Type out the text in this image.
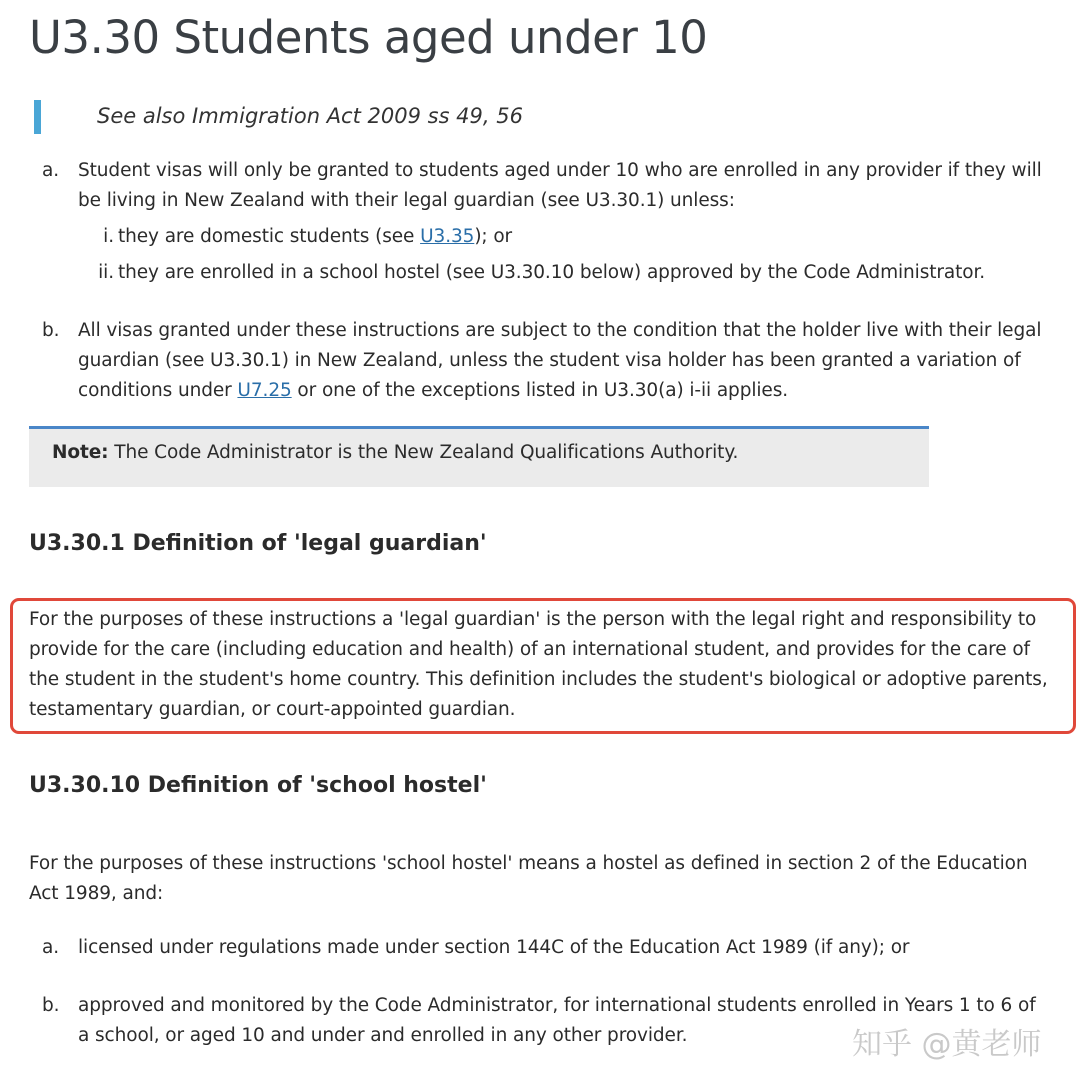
U3.30 Students aged under 10
See also Immigration Act 2009 ss 49, 56
a.	Student visas will only be granted to students aged under 10 who are enrolled in any provider if they will
be living in New Zealand with their legal guardian (see U3.30.1) unless:
i. they are domestic students (see U3.35); or
ii. they are enrolled in a school hostel (see U3.30.10 below) approved by the Code Administrator.
b.	All visas granted under these instructions are subject to the condition that the holder live with their legal
guardian (see U3.30.1) in New Zealand, unless the student visa holder has been granted a variation of
conditions under U7.25 or one of the exceptions listed in U3.30(a) i-ii applies.
Note: The Code Administrator is the New Zealand Qualifications Authority.
U3.30.1 Definition of 'legal guardian'
For the purposes of these instructions a 'legal guardian' is the person with the legal right and responsibility to
provide for the care (including education and health) of an international student, and provides for the care of
the student in the student's home country. This definition includes the student's biological or adoptive parents,
testamentary guardian, or court-appointed guardian.
U3.30.10 Definition of 'school hostel'
For the purposes of these instructions 'school hostel' means a hostel as defined in section 2 of the Education
Act 1989, and:
a.	licensed under regulations made under section 144C of the Education Act 1989 (if any); or
b.	approved and monitored by the Code Administrator, for international students enrolled in Years 1 to 6 of
a school, or aged 10 and under and enrolled in any other provider.	知乎 @黄老师
